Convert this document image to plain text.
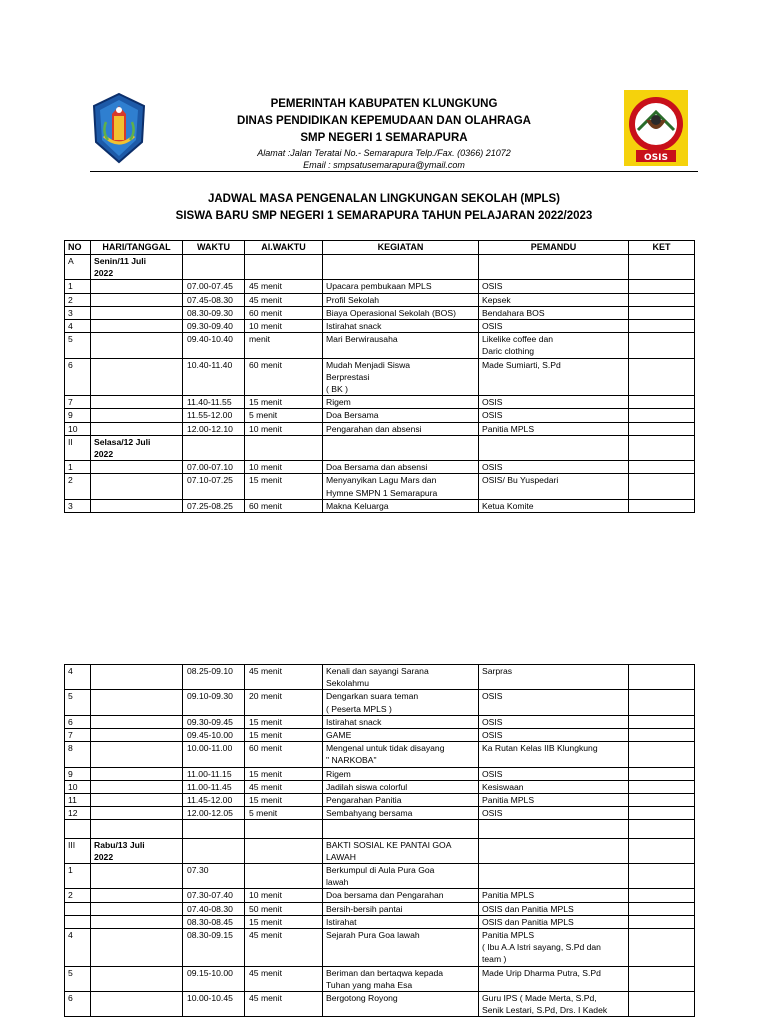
PEMERINTAH KABUPATEN KLUNGKUNG
DINAS PENDIDIKAN KEPEMUDAAN DAN OLAHRAGA
SMP NEGERI 1 SEMARAPURA
Alamat :Jalan Teratai No.- Semarapura Telp./Fax. (0366) 21072
Email : smpsatusemarapura@ymail.com
OSIS
JADWAL MASA PENGENALAN LINGKUNGAN SEKOLAH (MPLS)
SISWA BARU SMP NEGERI 1 SEMARAPURA TAHUN PELAJARAN 2022/2023
NO	HARI/TANGGAL	WAKTU	Al.WAKTU	KEGIATAN	PEMANDU	KET
A	Senin/11 Juli
2022					
1		07.00-07.45	45 menit	Upacara pembukaan MPLS	OSIS	
2		07.45-08.30	45 menit	Profil Sekolah	Kepsek	
3		08.30-09.30	60 menit	Biaya Operasional Sekolah (BOS)	Bendahara BOS	
4		09.30-09.40	10 menit	Istirahat snack	OSIS	
5		09.40-10.40	menit	Mari Berwirausaha	Likelike coffee dan
Daric clothing	
6		10.40-11.40	60 menit	Mudah Menjadi Siswa
Berprestasi
( BK )	Made Sumiarti, S.Pd	
7		11.40-11.55	15 menit	Rigem	OSIS	
9		11.55-12.00	5 menit	Doa Bersama	OSIS	
10		12.00-12.10	10 menit	Pengarahan dan absensi	Panitia MPLS	
II	Selasa/12 Juli
2022					
1		07.00-07.10	10 menit	Doa Bersama dan absensi	OSIS	
2		07.10-07.25	15 menit	Menyanyikan Lagu Mars dan
Hymne SMPN 1 Semarapura	OSIS/ Bu Yuspedari	
3		07.25-08.25	60 menit	Makna Keluarga	Ketua Komite	
4		08.25-09.10	45 menit	Kenali dan sayangi Sarana
Sekolahmu	Sarpras	
5		09.10-09.30	20 menit	Dengarkan suara teman
( Peserta MPLS )	OSIS	
6		09.30-09.45	15 menit	Istirahat snack	OSIS	
7		09.45-10.00	15 menit	GAME	OSIS	
8		10.00-11.00	60 menit	Mengenal untuk tidak disayang
" NARKOBA"	Ka Rutan Kelas IIB Klungkung	
9		11.00-11.15	15 menit	Rigem	OSIS	
10		11.00-11.45	45 menit	Jadilah siswa colorful	Kesiswaan	
11		11.45-12.00	15 menit	Pengarahan Panitia	Panitia MPLS	
12		12.00-12.05	5 menit	Sembahyang bersama	OSIS	

III	Rabu/13 Juli
2022			BAKTI SOSIAL KE PANTAI GOA
LAWAH		
1		07.30		Berkumpul di Aula Pura Goa
lawah		
2		07.30-07.40	10 menit	Doa bersama dan Pengarahan	Panitia MPLS	
		07.40-08.30	50 menit	Bersih-bersih pantai	OSIS dan Panitia MPLS	
		08.30-08.45	15 menit	Istirahat	OSIS dan Panitia MPLS	
4		08.30-09.15	45 menit	Sejarah Pura Goa lawah	Panitia MPLS
( Ibu A.A Istri sayang, S.Pd dan
team )	
5		09.15-10.00	45 menit	Beriman dan bertaqwa kepada
Tuhan yang maha Esa	Made Urip Dharma Putra, S.Pd	
6		10.00-10.45	45 menit	Bergotong Royong	Guru IPS ( Made Merta, S.Pd,
Senik Lestari, S.Pd, Drs. I Kadek	
